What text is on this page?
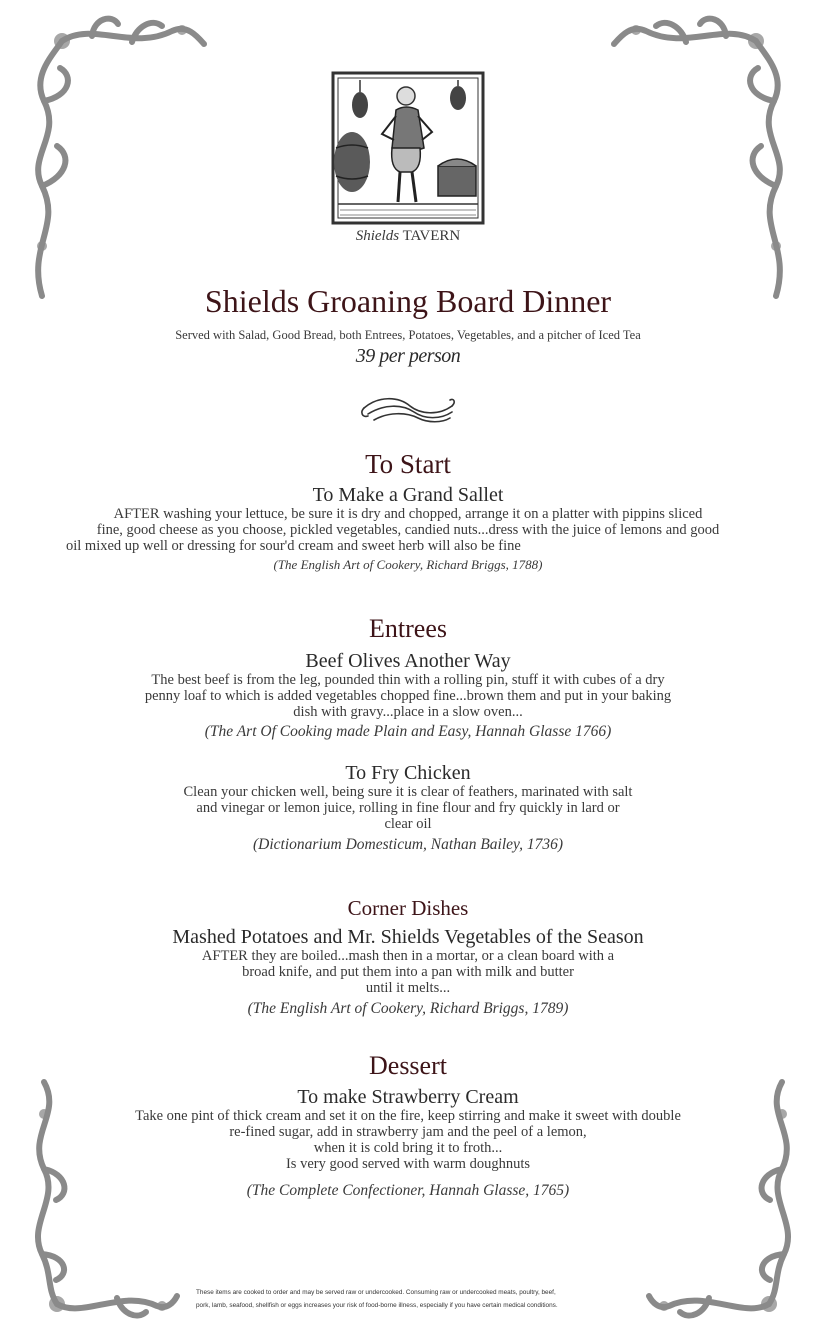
Shields TAVERN
Shields Groaning Board Dinner
Served with Salad, Good Bread, both Entrees, Potatoes, Vegetables, and a pitcher of Iced Tea
39 per person
To Start
To Make a Grand Sallet
AFTER washing your lettuce, be sure it is dry and chopped, arrange it on a platter with pippins sliced
fine, good cheese as you choose, pickled vegetables, candied nuts...dress with the juice of lemons and good
oil mixed up well or dressing for sour'd cream and sweet herb will also be fine
(The English Art of Cookery, Richard Briggs, 1788)
Entrees
Beef Olives Another Way
The best beef is from the leg, pounded thin with a rolling pin, stuff it with cubes of a dry
penny loaf to which is added vegetables chopped fine...brown them and put in your baking
dish with gravy...place in a slow oven...
(The Art Of Cooking made Plain and Easy, Hannah Glasse 1766)
To Fry Chicken
Clean your chicken well, being sure it is clear of feathers, marinated with salt
and vinegar or lemon juice, rolling in fine flour and fry quickly in lard or
clear oil
(Dictionarium Domesticum, Nathan Bailey, 1736)
Corner Dishes
Mashed Potatoes and Mr. Shields Vegetables of the Season
AFTER they are boiled...mash then in a mortar, or a clean board with a
broad knife, and put them into a pan with milk and butter
until it melts...
(The English Art of Cookery, Richard Briggs, 1789)
Dessert
To make Strawberry Cream
Take one pint of thick cream and set it on the fire, keep stirring and make it sweet with double
re-fined sugar, add in strawberry jam and the peel of a lemon,
when it is cold bring it to froth...
Is very good served with warm doughnuts
(The Complete Confectioner, Hannah Glasse, 1765)
These items are cooked to order and may be served raw or undercooked. Consuming raw or undercooked meats, poultry, beef,
pork, lamb, seafood, shellfish or eggs increases your risk of food-borne illness, especially if you have certain medical conditions.
